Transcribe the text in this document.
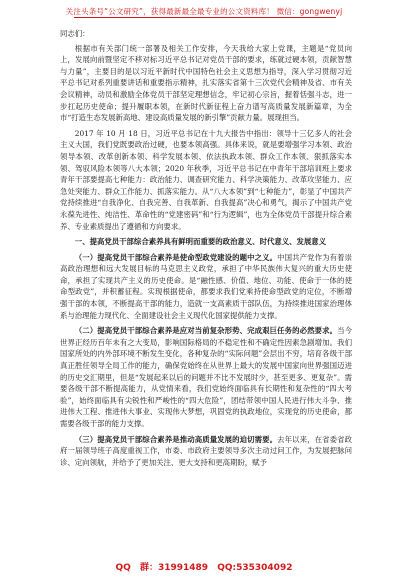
关注头条号“公文研究”，获得最新最全最专业的公文资料库！ 微信：gongwenyj

同志们：

根据市有关部门统一部署及相关工作安排，今天我给大家上党课，主题是“党员向上，发展向前暨坚定不移对标习近平总书记对党员干部的要求，练就过硬本领，贡献智慧与力量”，主要目的是以习近平新时代中国特色社会主义思想为指导，深入学习贯彻习近平总书记对系列重要讲话和重要指示精神，扎实落实省第十三次党代会精神及省、市有关会议精神，动员和激励全体党员干部坚定理想信念，牢记初心宗旨，握着恬强斗志，进一步扛起历史使命；提升履职本领，在新时代新征程上奋力谱写高质量发展新篇章，为全市“打造生态发展新高地、建设高质量发展的新引擎”贡献力量。展现担当。

2017 年 10 月 18 日，习近平总书记在十九大报告中指出：领导十三亿多人的社会主义大国，我们党既要政治过硬，也要本领高强。具体来说，就是要增强学习本领、政治领导本领、改革创新本领、科学发展本领、依法执政本领、群众工作本领、狠抓落实本领、驾驭风险本领等八大本领；2020 年秋季，习近平总书记在中青年干部培训班上要求青年干部要提高七种能力：政治能力、调查研究能力、科学决策能力、改革攻坚能力、应急处突能力、群众工作能力、抓落实能力。从“八大本领”到“七种能力”，彰显了中国共产党持续推进“自我净化、自我完善、自我革新、自我提高”决心和勇气，揭示了中国共产党永葆先进性、纯洁性、革命性的“党建密码”和“行为逻辑”，也为全体党员干部提升综合素养、专业素质提出了遵循和方向要求。

一、提高党员干部综合素养具有鲜明而重要的政治意义、时代意义、发展意义

（一）提高党员干部综合素养是使命型政党建设的题中之义。中国共产党作为有着崇高政治理想和远大发展目标的马克思主义政党，承担了中华民族伟大复兴的重大历史使命，承担了实现共产主义的历史使命。是“融性感、价值、地位、功能、使命于一体的使命型政党”，并积蓄征程。实现根据使命，都要求我们党乘持使命型政党的定位，不断增强干部的本领，不断提高干部的能力，造就一支高素质干部队伍，为持续推进国家治理体系与治理能力现代化、全面建设社会主义现代化国家提供能力支撑。

（二）提高党员干部综合素养是应对当前复杂形势、完成艰巨任务的必然要求。当今世界正经历百年未有之大变局，影响国际格局的不稳定性和不确定性因素急剧增加。我们国家所处的内外部环境不断发生变化，各种复杂的“实际问题”会层出不穷，培育各级干部真正胜任领导全局工作的能力，确保党始终在从世界上最大的发展中国家向世界强国迈进的历史交汇期里，但是“发展起来以后的问题并不比不发展时少，甚至更多、更复杂”。需要各级干部不断提高能力，从党情来看，我们党始终面临具有长期性和复杂性的“四大考验”，始终面临具有尖锐性和严峻性的“四大危险”，团结带领中国人民进行伟大斗争、推进伟大工程、推进伟大事业、实现伟大梦想，巩固党的执政地位，实现党的历史使命，都需要各级干部的能力支撑。

（三）提高党员干部综合素养是推动高质量发展的迫切需要。去年以来，在省委省政府一届领导班子高度重视工作，市委、市政府主要领导多次主动过问工作，为发展把脉问诊、定向领航，并给予了更加关注、更大支持和更高期盼，赋予

QQ 群：31991489 QQ:535304092
